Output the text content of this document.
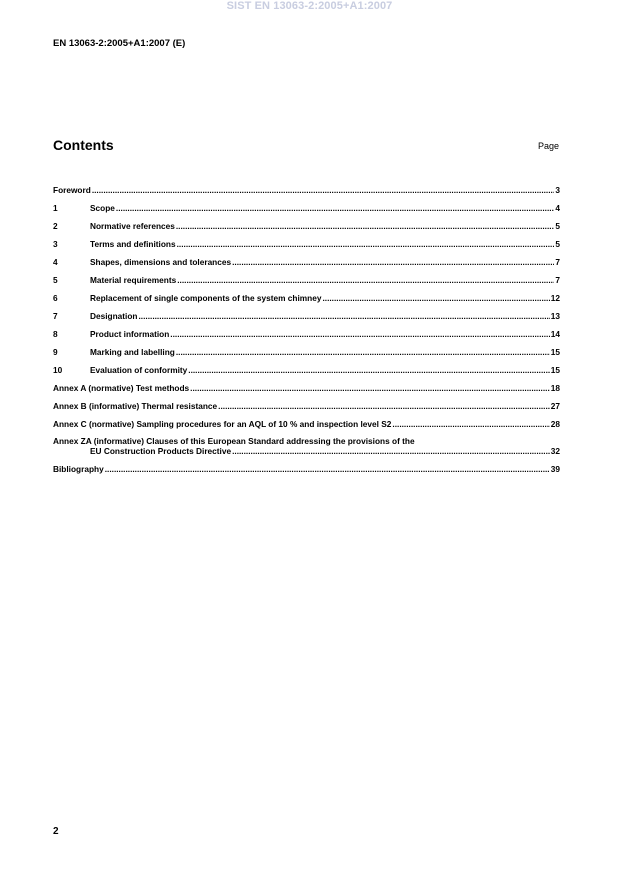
SIST EN 13063-2:2005+A1:2007
EN 13063-2:2005+A1:2007 (E)
Contents	Page
Foreword .....	3
1	Scope .....	4
2	Normative references .....	5
3	Terms and definitions .....	5
4	Shapes, dimensions and tolerances .....	7
5	Material requirements .....	7
6	Replacement of single components of the system chimney .....	12
7	Designation .....	13
8	Product information .....	14
9	Marking and labelling .....	15
10	Evaluation of conformity .....	15
Annex A (normative) Test methods .....	18
Annex B (informative) Thermal resistance .....	27
Annex C (normative) Sampling procedures for an AQL of 10 % and inspection level S2 .....	28
Annex ZA (informative) Clauses of this European Standard addressing the provisions of the
EU Construction Products Directive .....	32
Bibliography .....	39
2
